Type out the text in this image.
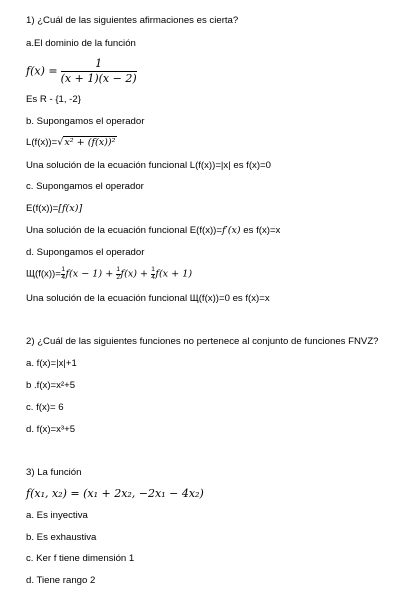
1) ¿Cuál de las siguientes afirmaciones es cierta?
a.El dominio de la función
$f(x) = \frac{1}{(x + 1)(x - 2)}$
Es R - {1, -2}
b. Supongamos el operador
L(f(x))=√x² + (f(x))²
Una solución de la ecuación funcional L(f(x))=|x| es f(x)=0
c. Supongamos el operador
E(f(x))=[f(x)]
Una solución de la ecuación funcional E(f(x))=f′(x) es f(x)=x
d. Supongamos el operador
$Щ(f(x))= \frac{1}{4} f(x - 1) + \frac{1}{2} f(x) + \frac{1}{4} f(x + 1)$
Una solución de la ecuación funcional Щ(f(x))=0 es f(x)=x
2) ¿Cuál de las siguientes funciones no pertenece al conjunto de funciones FNVZ?
a. f(x)=|x|+1
b .f(x)=x²+5
c. f(x)= 6
d. f(x)=x³+5
3) La función
f(x₁, x₂) = (x₁ + 2x₂, −2x₁ − 4x₂)
a. Es inyectiva
b. Es exhaustiva
c. Ker f tiene dimensión 1
d. Tiene rango 2
